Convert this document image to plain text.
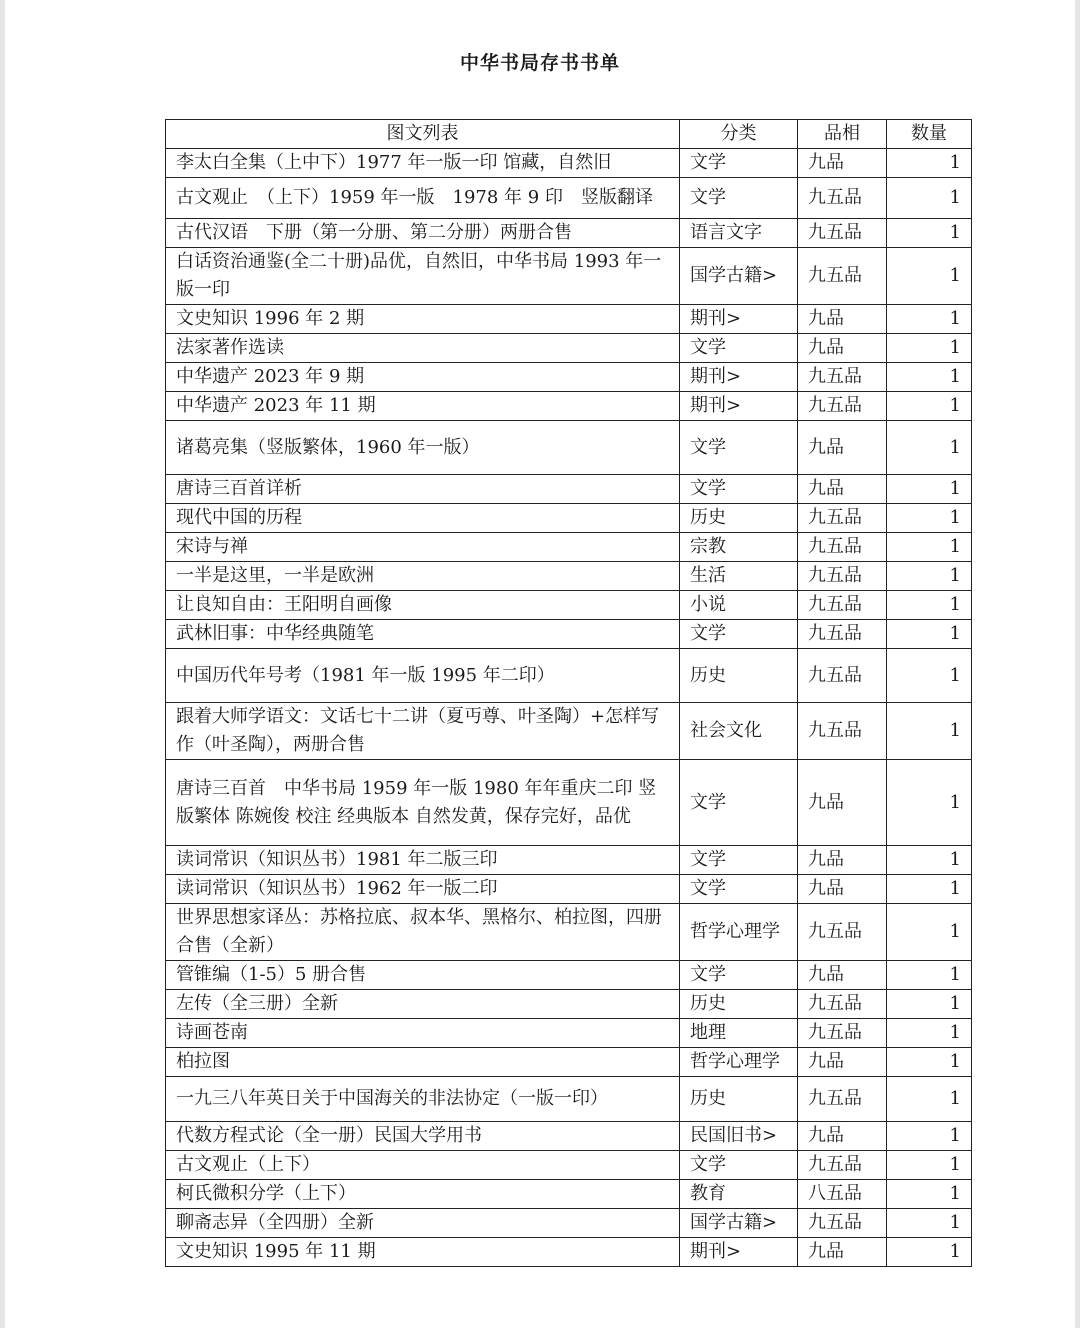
中华书局存书书单
图文列表	分类	品相	数量
李太白全集（上中下）1977 年一版一印 馆藏，自然旧	文学	九品	1
古文观止　（上下）1959 年一版　1978 年 9 印　竖版翻译	文学	九五品	1
古代汉语　下册（第一分册、第二分册）两册合售	语言文字	九五品	1
白话资治通鉴(全二十册)品优，自然旧，中华书局 1993 年一版一印	国学古籍>	九五品	1
文史知识 1996 年 2 期	期刊>	九品	1
法家著作选读	文学	九品	1
中华遗产 2023 年 9 期	期刊>	九五品	1
中华遗产 2023 年 11 期	期刊>	九五品	1
诸葛亮集（竖版繁体，1960 年一版）	文学	九品	1
唐诗三百首详析	文学	九品	1
现代中国的历程	历史	九五品	1
宋诗与禅	宗教	九五品	1
一半是这里，一半是欧洲	生活	九五品	1
让良知自由：王阳明自画像	小说	九五品	1
武林旧事：中华经典随笔	文学	九五品	1
中国历代年号考（1981 年一版 1995 年二印）	历史	九五品	1
跟着大师学语文：文话七十二讲（夏丏尊、叶圣陶）+怎样写作（叶圣陶），两册合售	社会文化	九五品	1
唐诗三百首　中华书局 1959 年一版 1980 年年重庆二印 竖版繁体 陈婉俊 校注 经典版本 自然发黄，保存完好，品优	文学	九品	1
读词常识（知识丛书）1981 年二版三印	文学	九品	1
读词常识（知识丛书）1962 年一版二印	文学	九品	1
世界思想家译丛：苏格拉底、叔本华、黑格尔、柏拉图，四册合售（全新）	哲学心理学	九五品	1
管锥编（1-5）5 册合售	文学	九品	1
左传（全三册）全新	历史	九五品	1
诗画苍南	地理	九五品	1
柏拉图	哲学心理学	九品	1
一九三八年英日关于中国海关的非法协定（一版一印）	历史	九五品	1
代数方程式论（全一册）民国大学用书	民国旧书>	九品	1
古文观止（上下）	文学	九五品	1
柯氏微积分学（上下）	教育	八五品	1
聊斋志异（全四册）全新	国学古籍>	九五品	1
文史知识 1995 年 11 期	期刊>	九品	1
